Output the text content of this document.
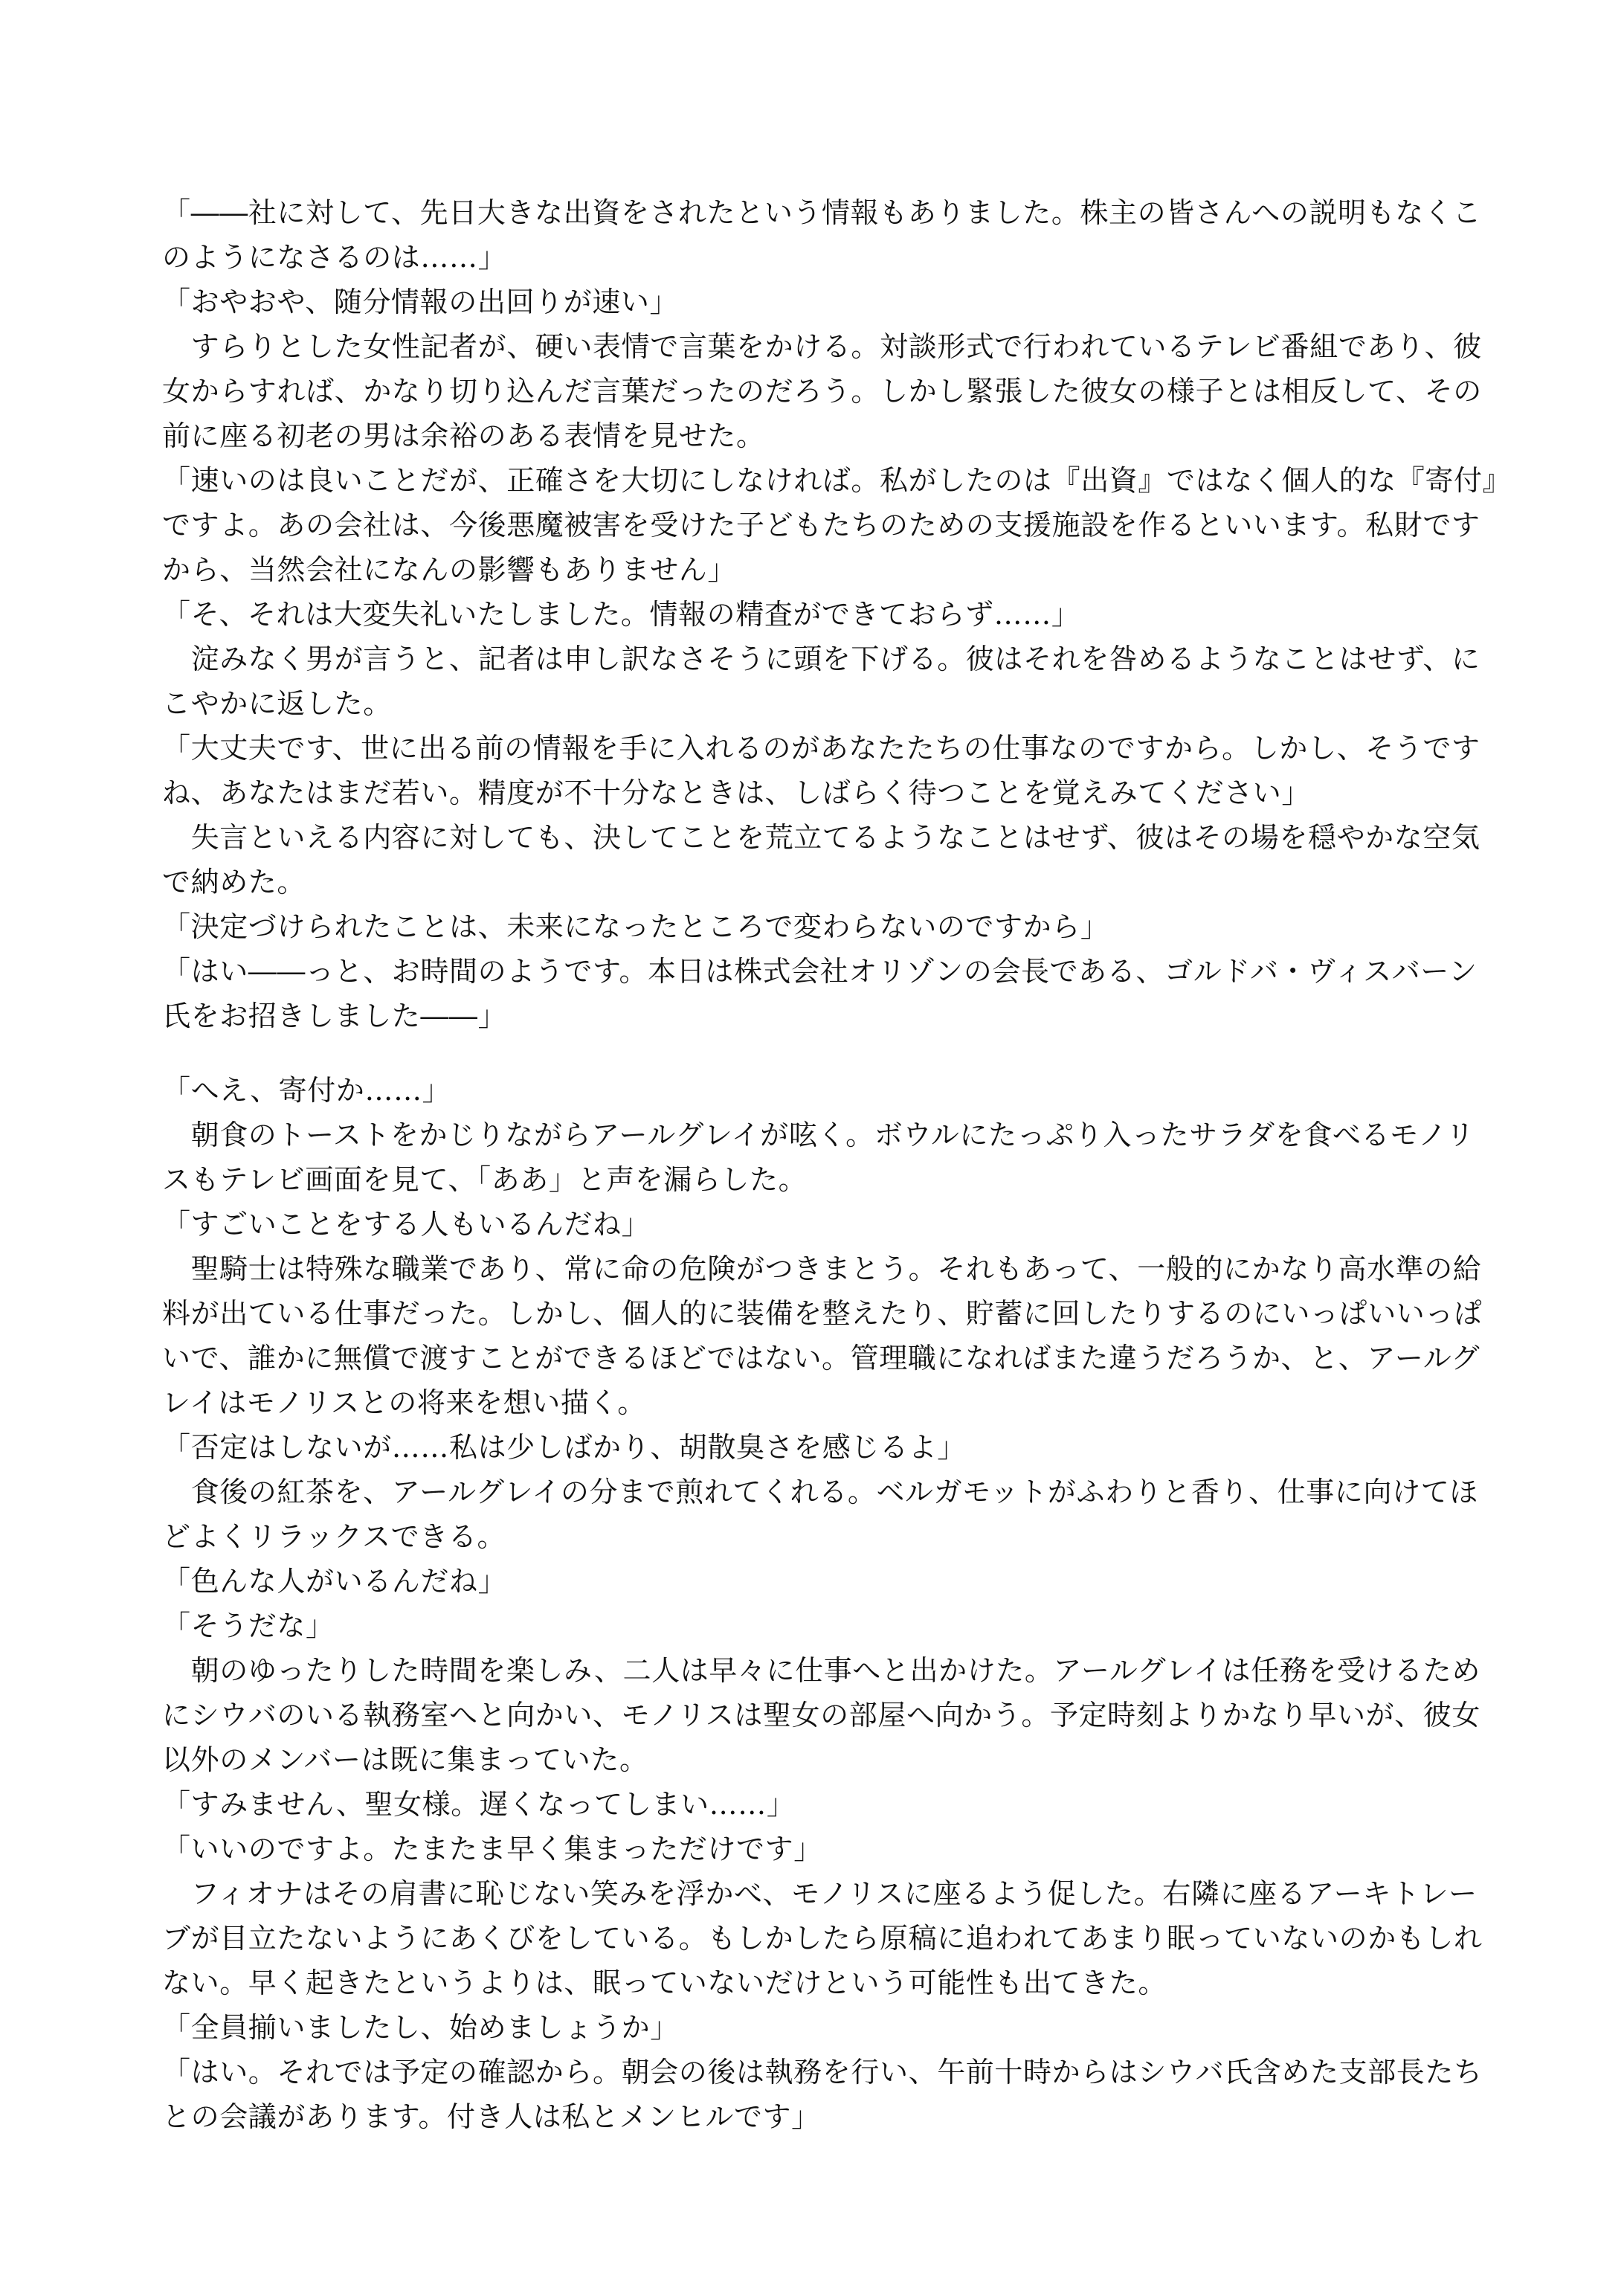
「――社に対して、先日大きな出資をされたという情報もありました。株主の皆さんへの説明もなくこのようになさるのは……」

「おやおや、随分情報の出回りが速い」

　すらりとした女性記者が、硬い表情で言葉をかける。対談形式で行われているテレビ番組であり、彼女からすれば、かなり切り込んだ言葉だったのだろう。しかし緊張した彼女の様子とは相反して、その前に座る初老の男は余裕のある表情を見せた。

「速いのは良いことだが、正確さを大切にしなければ。私がしたのは『出資』ではなく個人的な『寄付』ですよ。あの会社は、今後悪魔被害を受けた子どもたちのための支援施設を作るといいます。私財ですから、当然会社になんの影響もありません」

「そ、それは大変失礼いたしました。情報の精査ができておらず……」

　淀みなく男が言うと、記者は申し訳なさそうに頭を下げる。彼はそれを咎めるようなことはせず、にこやかに返した。

「大丈夫です、世に出る前の情報を手に入れるのがあなたたちの仕事なのですから。しかし、そうですね、あなたはまだ若い。精度が不十分なときは、しばらく待つことを覚えみてください」

　失言といえる内容に対しても、決してことを荒立てるようなことはせず、彼はその場を穏やかな空気で納めた。

「決定づけられたことは、未来になったところで変わらないのですから」

「はい――っと、お時間のようです。本日は株式会社オリゾンの会長である、ゴルドバ・ヴィスバーン氏をお招きしました――」

「へえ、寄付か……」

　朝食のトーストをかじりながらアールグレイが呟く。ボウルにたっぷり入ったサラダを食べるモノリスもテレビ画面を見て、「ああ」と声を漏らした。

「すごいことをする人もいるんだね」

　聖騎士は特殊な職業であり、常に命の危険がつきまとう。それもあって、一般的にかなり高水準の給料が出ている仕事だった。しかし、個人的に装備を整えたり、貯蓄に回したりするのにいっぱいいっぱいで、誰かに無償で渡すことができるほどではない。管理職になればまた違うだろうか、と、アールグレイはモノリスとの将来を想い描く。

「否定はしないが……私は少しばかり、胡散臭さを感じるよ」

　食後の紅茶を、アールグレイの分まで煎れてくれる。ベルガモットがふわりと香り、仕事に向けてほどよくリラックスできる。

「色んな人がいるんだね」

「そうだな」

　朝のゆったりした時間を楽しみ、二人は早々に仕事へと出かけた。アールグレイは任務を受けるためにシウバのいる執務室へと向かい、モノリスは聖女の部屋へ向かう。予定時刻よりかなり早いが、彼女以外のメンバーは既に集まっていた。

「すみません、聖女様。遅くなってしまい……」

「いいのですよ。たまたま早く集まっただけです」

　フィオナはその肩書に恥じない笑みを浮かべ、モノリスに座るよう促した。右隣に座るアーキトレーブが目立たないようにあくびをしている。もしかしたら原稿に追われてあまり眠っていないのかもしれない。早く起きたというよりは、眠っていないだけという可能性も出てきた。

「全員揃いましたし、始めましょうか」

「はい。それでは予定の確認から。朝会の後は執務を行い、午前十時からはシウバ氏含めた支部長たちとの会議があります。付き人は私とメンヒルです」
